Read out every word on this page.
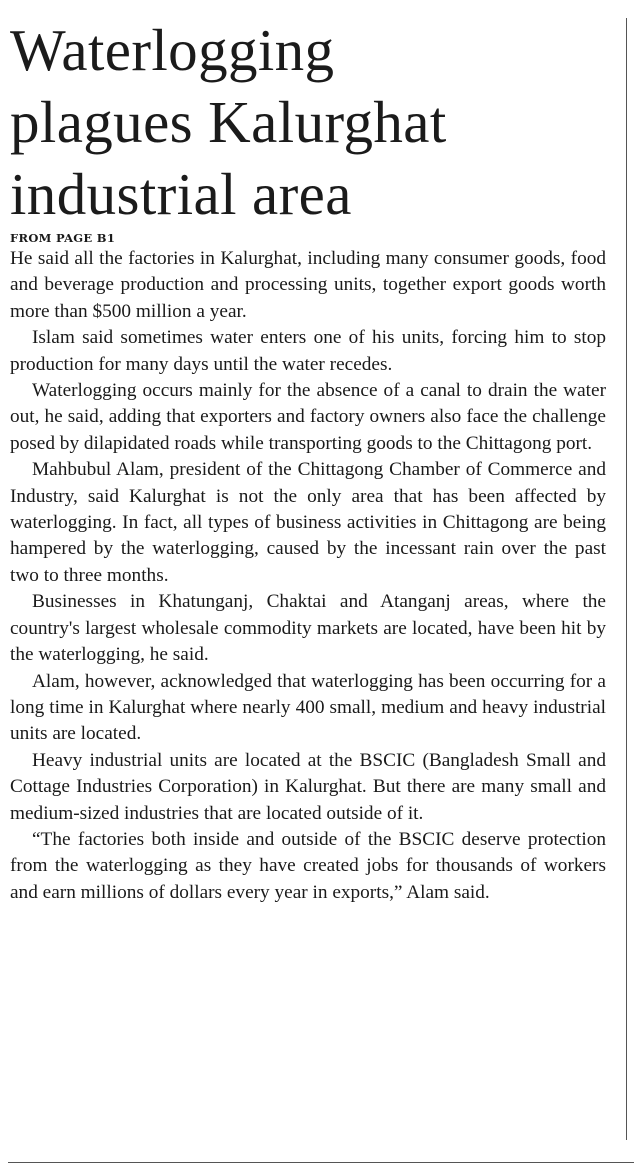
Waterlogging
plagues Kalurghat
industrial area
FROM PAGE B1

He said all the factories in Kalurghat, including many consumer goods, food and beverage production and processing units, together export goods worth more than $500 million a year.

Islam said sometimes water enters one of his units, forcing him to stop production for many days until the water recedes.

Waterlogging occurs mainly for the absence of a canal to drain the water out, he said, adding that exporters and factory owners also face the challenge posed by dilapidated roads while transporting goods to the Chittagong port.

Mahbubul Alam, president of the Chittagong Chamber of Commerce and Industry, said Kalurghat is not the only area that has been affected by waterlogging. In fact, all types of business activities in Chittagong are being hampered by the waterlogging, caused by the incessant rain over the past two to three months.

Businesses in Khatunganj, Chaktai and Atanganj areas, where the country's largest wholesale commodity markets are located, have been hit by the waterlogging, he said.

Alam, however, acknowledged that waterlogging has been occurring for a long time in Kalurghat where nearly 400 small, medium and heavy industrial units are located.

Heavy industrial units are located at the BSCIC (Bangladesh Small and Cottage Industries Corporation) in Kalurghat. But there are many small and medium-sized industries that are located outside of it.

“The factories both inside and outside of the BSCIC deserve protection from the waterlogging as they have created jobs for thousands of workers and earn millions of dollars every year in exports,” Alam said.
